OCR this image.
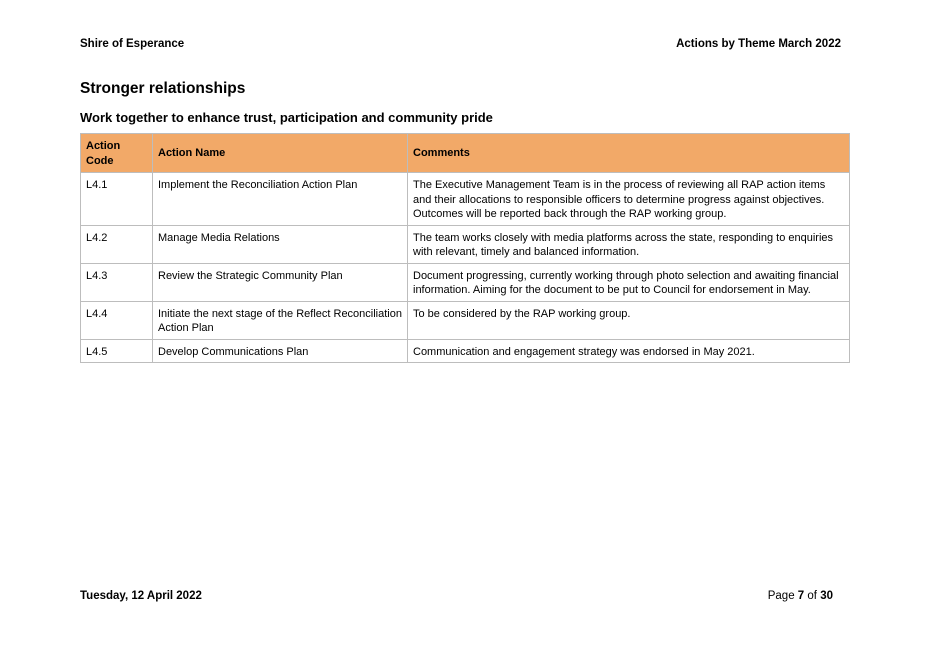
Shire of Esperance	Actions by Theme March 2022
Stronger relationships
Work together to enhance trust, participation and community pride
Action Code	Action Name	Comments
L4.1	Implement the Reconciliation Action Plan	The Executive Management Team is in the process of reviewing all RAP action items and their allocations to responsible officers to determine progress against objectives. Outcomes will be reported back through the RAP working group.
L4.2	Manage Media Relations	The team works closely with media platforms across the state, responding to enquiries with relevant, timely and balanced information.
L4.3	Review the Strategic Community Plan	Document progressing, currently working through photo selection and awaiting financial information. Aiming for the document to be put to Council for endorsement in May.
L4.4	Initiate the next stage of the Reflect Reconciliation Action Plan	To be considered by the RAP working group.
L4.5	Develop Communications Plan	Communication and engagement strategy was endorsed in May 2021.
Tuesday, 12 April 2022	Page 7 of 30
